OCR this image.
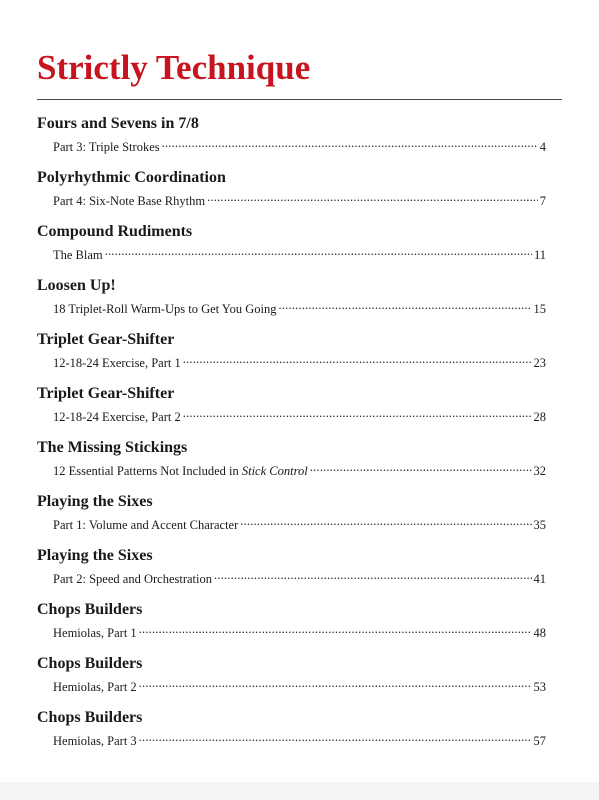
Strictly Technique
Fours and Sevens in 7/8
Part 3: Triple Strokes .....	4
Polyrhythmic Coordination
Part 4: Six-Note Base Rhythm .....	7
Compound Rudiments
The Blam .....	11
Loosen Up!
18 Triplet-Roll Warm-Ups to Get You Going .....	15
Triplet Gear-Shifter
12-18-24 Exercise, Part 1 .....	23
Triplet Gear-Shifter
12-18-24 Exercise, Part 2 .....	28
The Missing Stickings
12 Essential Patterns Not Included in Stick Control .....	32
Playing the Sixes
Part 1: Volume and Accent Character .....	35
Playing the Sixes
Part 2: Speed and Orchestration .....	41
Chops Builders
Hemiolas, Part 1 .....	48
Chops Builders
Hemiolas, Part 2 .....	53
Chops Builders
Hemiolas, Part 3 .....	57
